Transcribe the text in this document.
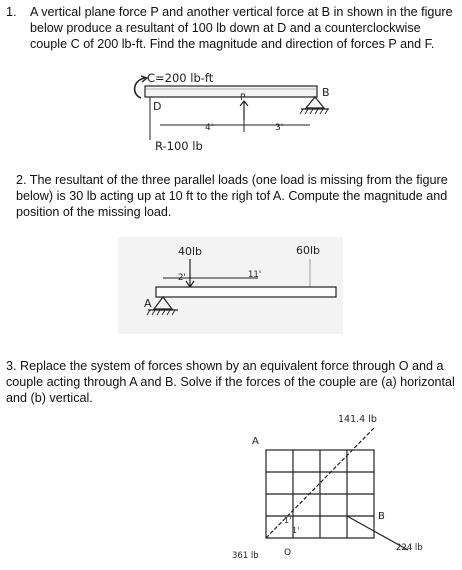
1. A vertical plane force P and another vertical force at B in shown in the figure below produce a resultant of 100 lb down at D and a counterclockwise couple C of 200 lb-ft. Find the magnitude and direction of forces P and F.
C=200 lb-ft
B
D
P
4'	3'
R-100 lb
2. The resultant of the three parallel loads (one load is missing from the figure below) is 30 lb acting up at 10 ft to the righ tof A. Compute the magnitude and position of the missing load.
40lb	60lb
2'	11'
A
3. Replace the system of forces shown by an equivalent force through O and a couple acting through A and B. Solve if the forces of the couple are (a) horizontal and (b) vertical.
141.4 lb
A
B
1'
1'
361 lb	O	224 lb
